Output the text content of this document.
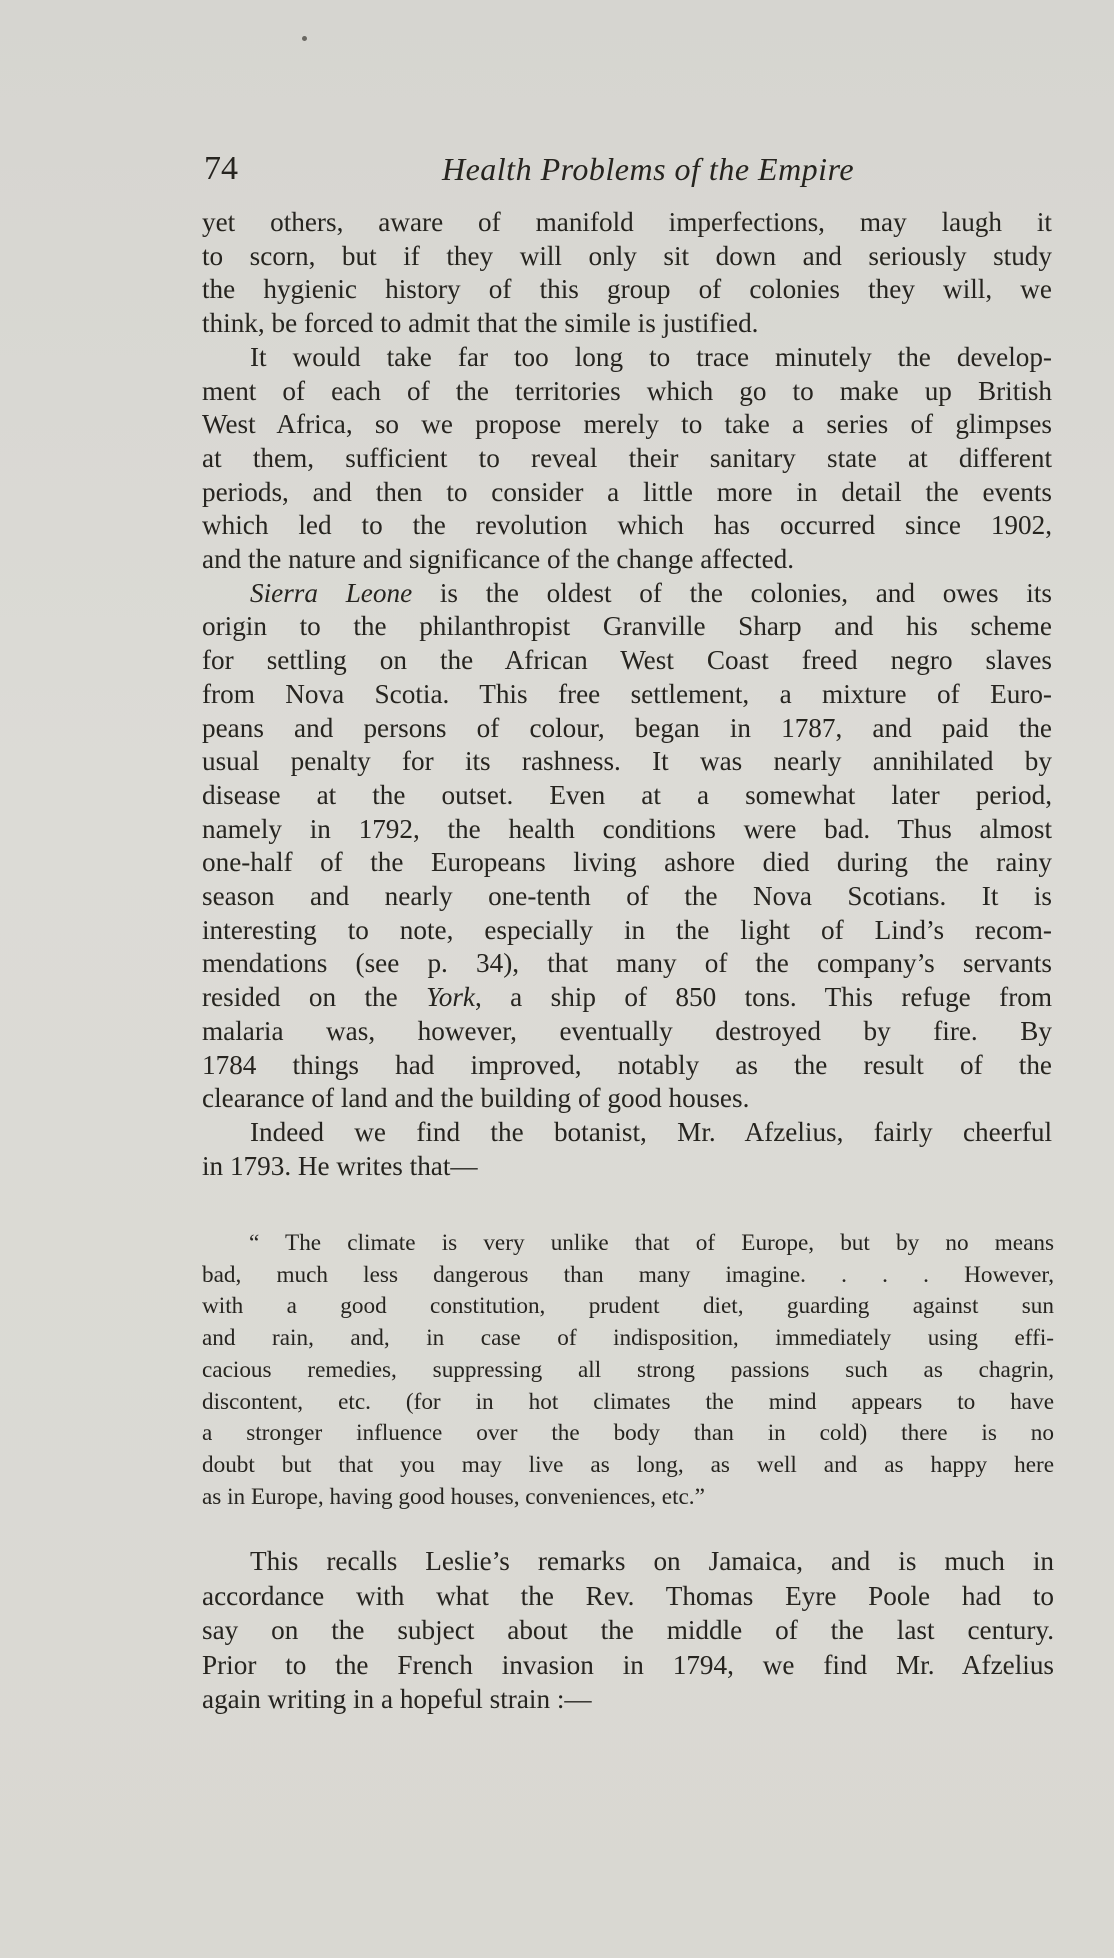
74	Health Problems of the Empire
yet others, aware of manifold imperfections, may laugh it
to scorn, but if they will only sit down and seriously study
the hygienic history of this group of colonies they will, we
think, be forced to admit that the simile is justified.
It would take far too long to trace minutely the develop-
ment of each of the territories which go to make up British
West Africa, so we propose merely to take a series of glimpses
at them, sufficient to reveal their sanitary state at different
periods, and then to consider a little more in detail the events
which led to the revolution which has occurred since 1902,
and the nature and significance of the change affected.
Sierra Leone is the oldest of the colonies, and owes its
origin to the philanthropist Granville Sharp and his scheme
for settling on the African West Coast freed negro slaves
from Nova Scotia. This free settlement, a mixture of Euro-
peans and persons of colour, began in 1787, and paid the
usual penalty for its rashness. It was nearly annihilated by
disease at the outset. Even at a somewhat later period,
namely in 1792, the health conditions were bad. Thus almost
one-half of the Europeans living ashore died during the rainy
season and nearly one-tenth of the Nova Scotians. It is
interesting to note, especially in the light of Lind’s recom-
mendations (see p. 34), that many of the company’s servants
resided on the York, a ship of 850 tons. This refuge from
malaria was, however, eventually destroyed by fire. By
1784 things had improved, notably as the result of the
clearance of land and the building of good houses.
Indeed we find the botanist, Mr. Afzelius, fairly cheerful
in 1793. He writes that—
“ The climate is very unlike that of Europe, but by no means
bad, much less dangerous than many imagine. . . . However,
with a good constitution, prudent diet, guarding against sun
and rain, and, in case of indisposition, immediately using effi-
cacious remedies, suppressing all strong passions such as chagrin,
discontent, etc. (for in hot climates the mind appears to have
a stronger influence over the body than in cold) there is no
doubt but that you may live as long, as well and as happy here
as in Europe, having good houses, conveniences, etc.”
This recalls Leslie’s remarks on Jamaica, and is much in
accordance with what the Rev. Thomas Eyre Poole had to
say on the subject about the middle of the last century.
Prior to the French invasion in 1794, we find Mr. Afzelius
again writing in a hopeful strain :—
